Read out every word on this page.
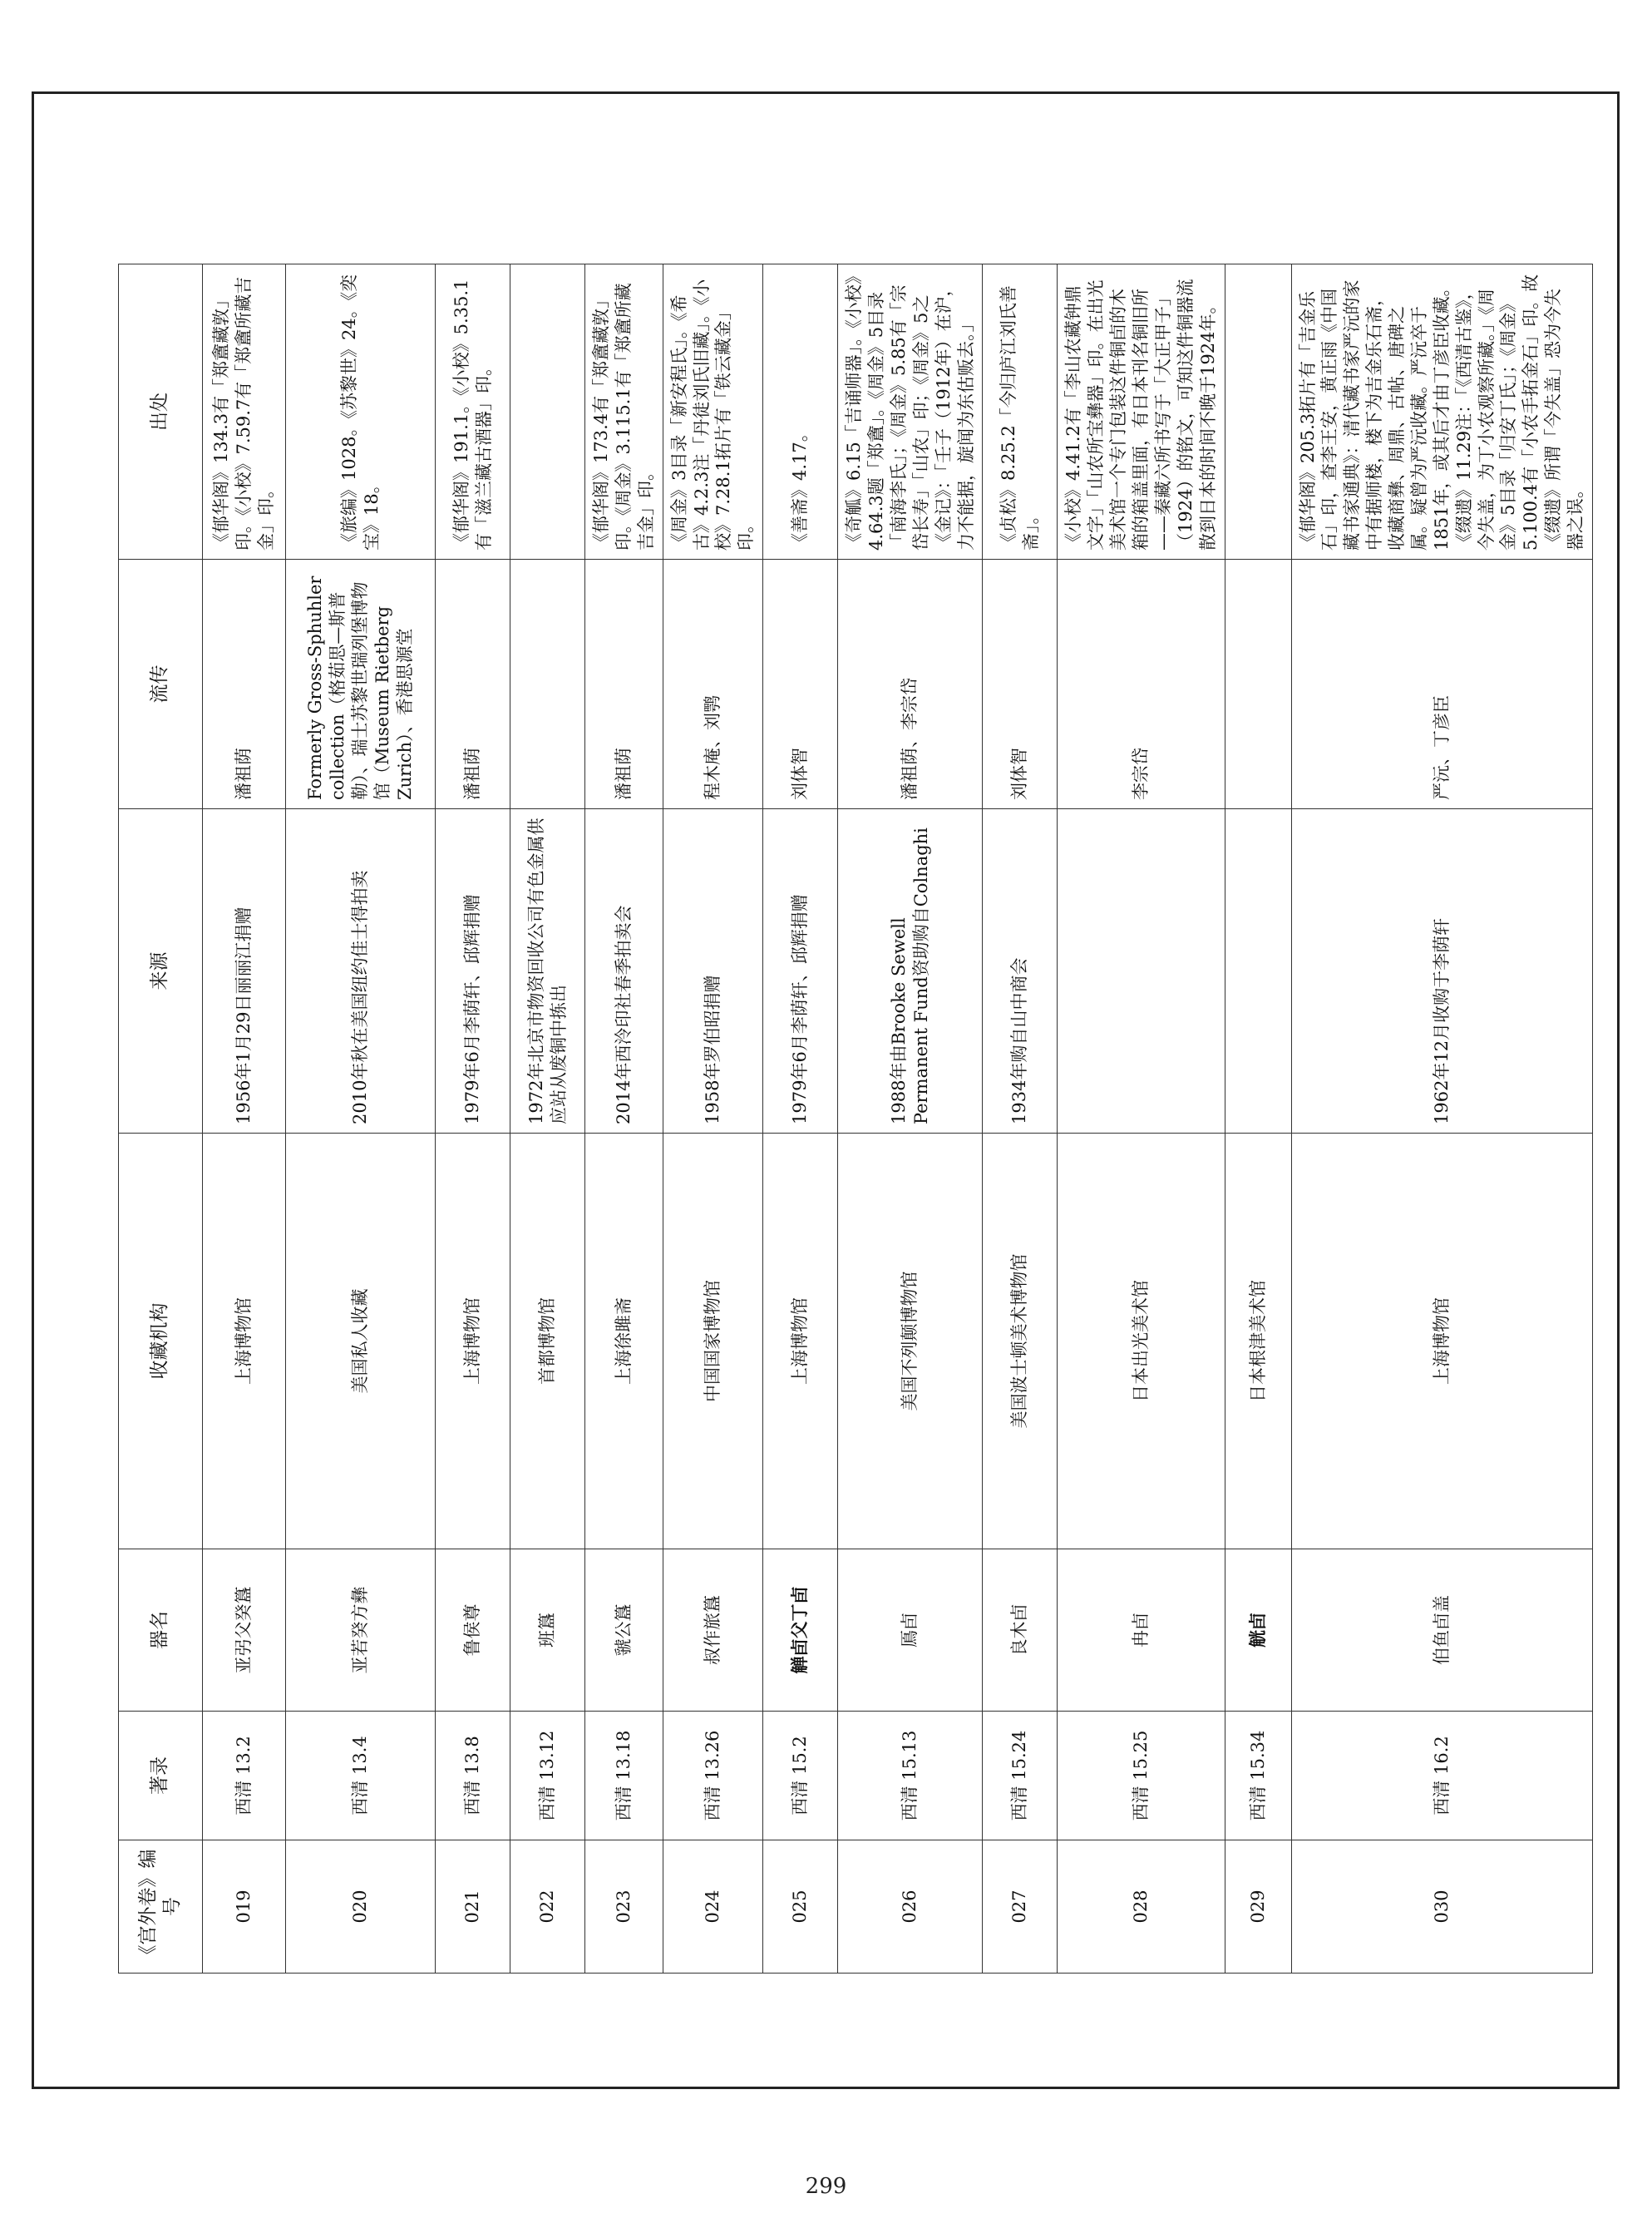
《宫外卷》编号	著录	器名	收藏机构	来源	流传	出处
019	西清 13.2	亚弜父癸簋	上海博物馆	1956年1月29日丽丽江捐赠	潘祖荫	《郁华阁》134.3有「郑盦藏敦」印。《小校》7.59.7有「郑盦所藏吉金」印。
020	西清 13.4	亚若癸方彝	美国私人收藏	2010年秋在美国纽约佳士得拍卖	Formerly Gross-Sphuhler collection（格茹思—斯普勒）、瑞士苏黎世瑞列堡博物馆（Museum Rietberg Zurich）、香港思源堂	《旅编》1028。《苏黎世》24。《奕宝》18。
021	西清 13.8	鲁侯尊	上海博物馆	1979年6月李荫轩、邱辉捐赠	潘祖荫	《郁华阁》191.1。《小校》5.35.1有「滋兰藏古酒器」印。
022	西清 13.12	班簋	首都博物馆	1972年北京市物资回收公司有色金属供应站从废铜中拣出		
023	西清 13.18	虢公簋	上海徐雎斋	2014年西泠印社春季拍卖会	潘祖荫	《郁华阁》173.4有「郑盦藏敦」印。《周金》3.115.1有「郑盦所藏吉金」印。
024	西清 13.26	叔作旅簋	中国国家博物馆	1958年罗伯昭捐赠	程木庵、刘鹗	《周金》3目录「新安程氏」。《希古》4.2.3注「丹徒刘氏旧藏」。《小校》7.28.1拓片有「铁云藏金」印。
025	西清 15.2	觯卣父丁卣	上海博物馆	1979年6月李荫轩、邱辉捐赠	刘体智	《善斋》4.17。
026	西清 15.13	鳫卣	美国不列颠博物馆	1988年由Brooke Sewell Permanent Fund资助购自Colnaghi	潘祖荫、李宗岱	《奇觚》6.15「吉诵师器」。《小校》4.64.3题「郑盦」。《周金》5目录「南海李氏」；《周金》5.85有「宗岱长寿」「山农」印；《周金》5之《金记》：「壬子（1912年）在沪，力不能据，旋闻为东估贩去。」
027	西清 15.24	良木卣	美国波士顿美术博物馆	1934年购自山中商会	刘体智	《贞松》8.25.2「今归庐江刘氏善斋」。
028	西清 15.25	冉卣	日本出光美术馆		李宗岱	《小校》4.41.2有「李山农藏钟鼎文字」「山农所宝彝器」印。在出光美术馆一个专门包装这件铜卣的木箱的箱盖里面，有日本刊名铜旧所——秦藏六所书写于「大正甲子」（1924）的铭文，可知这件铜器流散到日本的时间不晚于1924年。
029	西清 15.34	觥卣	日本根津美术馆			
030	西清 16.2	伯鱼卣盖	上海博物馆	1962年12月收购于李荫轩	严沅、丁彦臣	《郁华阁》205.3拓片有「吉金乐石」印，查李王安，黄正雨《中国藏书家通典》：清代藏书家严沅的家中有据师楼，楼下为吉金乐石斋，收藏商彝、周鼎、古帖、唐碑之属。疑曾为严沅收藏。严沅卒于1851年，或其后才由丁彦臣收藏。《缀遗》11.29注：「《西清古鉴》，今失盖，为丁小农观察所藏。」《周金》5目录「归安丁氏」；《周金》5.100.4有「小农手拓金石」印。故《缀遗》所谓「今失盖」恐为今失器之误。
299
